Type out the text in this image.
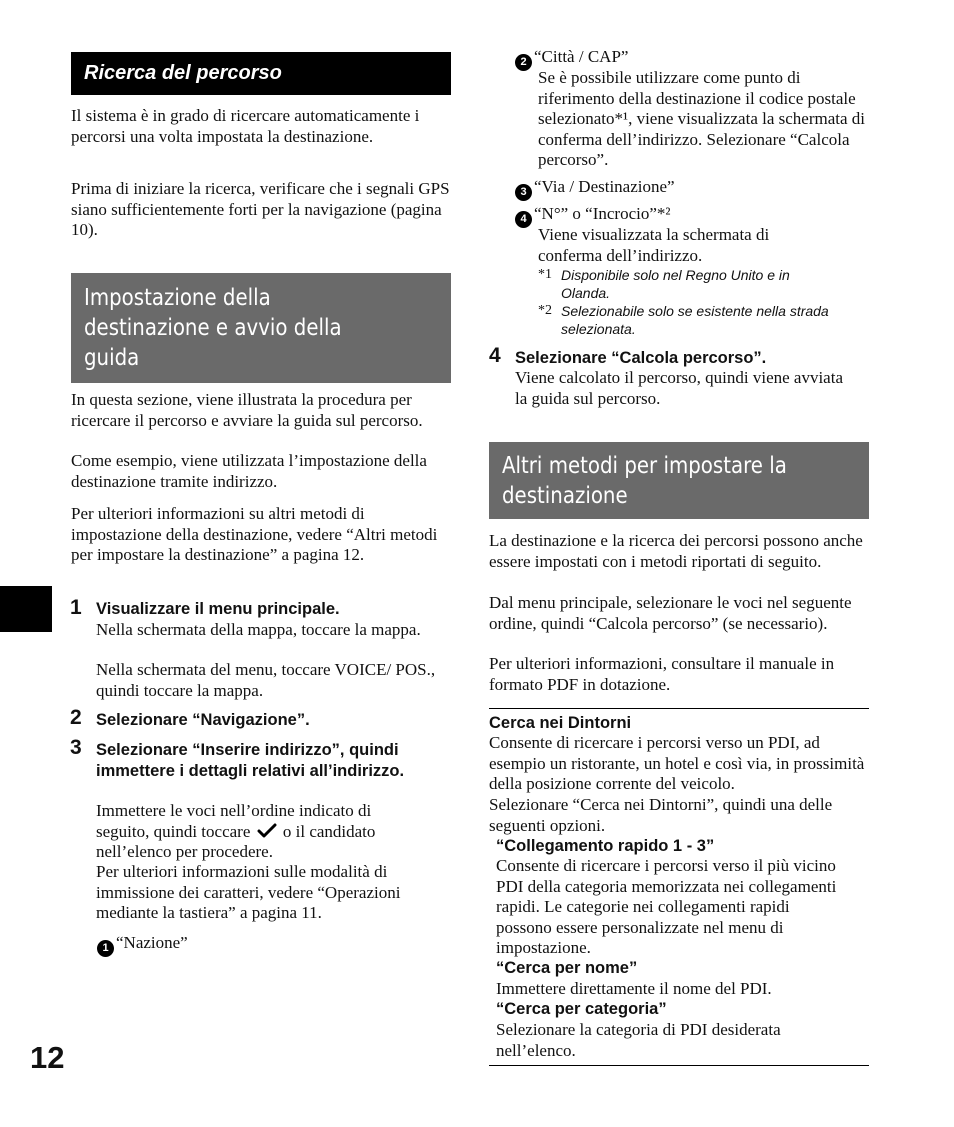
12
Ricerca del percorso

Il sistema è in grado di ricercare automaticamente i percorsi una volta impostata la destinazione.

Prima di iniziare la ricerca, verificare che i segnali GPS siano sufficientemente forti per la navigazione (pagina 10).

Impostazione della
destinazione e avvio della
guida

In questa sezione, viene illustrata la procedura per ricercare il percorso e avviare la guida sul percorso.

Come esempio, viene utilizzata l’impostazione della destinazione tramite indirizzo.

Per ulteriori informazioni su altri metodi di impostazione della destinazione, vedere “Altri metodi per impostare la destinazione” a pagina 12.

1 Visualizzare il menu principale.

Nella schermata della mappa, toccare la mappa.

Nella schermata del menu, toccare VOICE/ POS., quindi toccare la mappa.

2 Selezionare “Navigazione”.
3 Selezionare “Inserire indirizzo”, quindi immettere i dettagli relativi all’indirizzo.

Immettere le voci nell’ordine indicato di seguito, quindi toccare o il candidato nell’elenco per procedere.

Per ulteriori informazioni sulle modalità di immissione dei caratteri, vedere “Operazioni mediante la tastiera” a pagina 11.

1 “Nazione”
2 “Città / CAP”

Se è possibile utilizzare come punto di riferimento della destinazione il codice postale selezionato*¹, viene visualizzata la schermata di conferma dell’indirizzo. Selezionare “Calcola percorso”.

3 “Via / Destinazione”
4 “N°” o “Incrocio”*²

Viene visualizzata la schermata di conferma dell’indirizzo.

*1 Disponibile solo nel Regno Unito e in Olanda.

*2 Selezionabile solo se esistente nella strada selezionata.

4 Selezionare “Calcola percorso”.

Viene calcolato il percorso, quindi viene avviata la guida sul percorso.

Altri metodi per impostare la
destinazione

La destinazione e la ricerca dei percorsi possono anche essere impostati con i metodi riportati di seguito.

Dal menu principale, selezionare le voci nel seguente ordine, quindi “Calcola percorso” (se necessario).

Per ulteriori informazioni, consultare il manuale in formato PDF in dotazione.

Cerca nei Dintorni

Consente di ricercare i percorsi verso un PDI, ad esempio un ristorante, un hotel e così via, in prossimità della posizione corrente del veicolo.

Selezionare “Cerca nei Dintorni”, quindi una delle seguenti opzioni.

“Collegamento rapido 1 - 3”

Consente di ricercare i percorsi verso il più vicino PDI della categoria memorizzata nei collegamenti rapidi. Le categorie nei collegamenti rapidi possono essere personalizzate nel menu di impostazione.

“Cerca per nome”

Immettere direttamente il nome del PDI.

“Cerca per categoria”

Selezionare la categoria di PDI desiderata nell’elenco.
